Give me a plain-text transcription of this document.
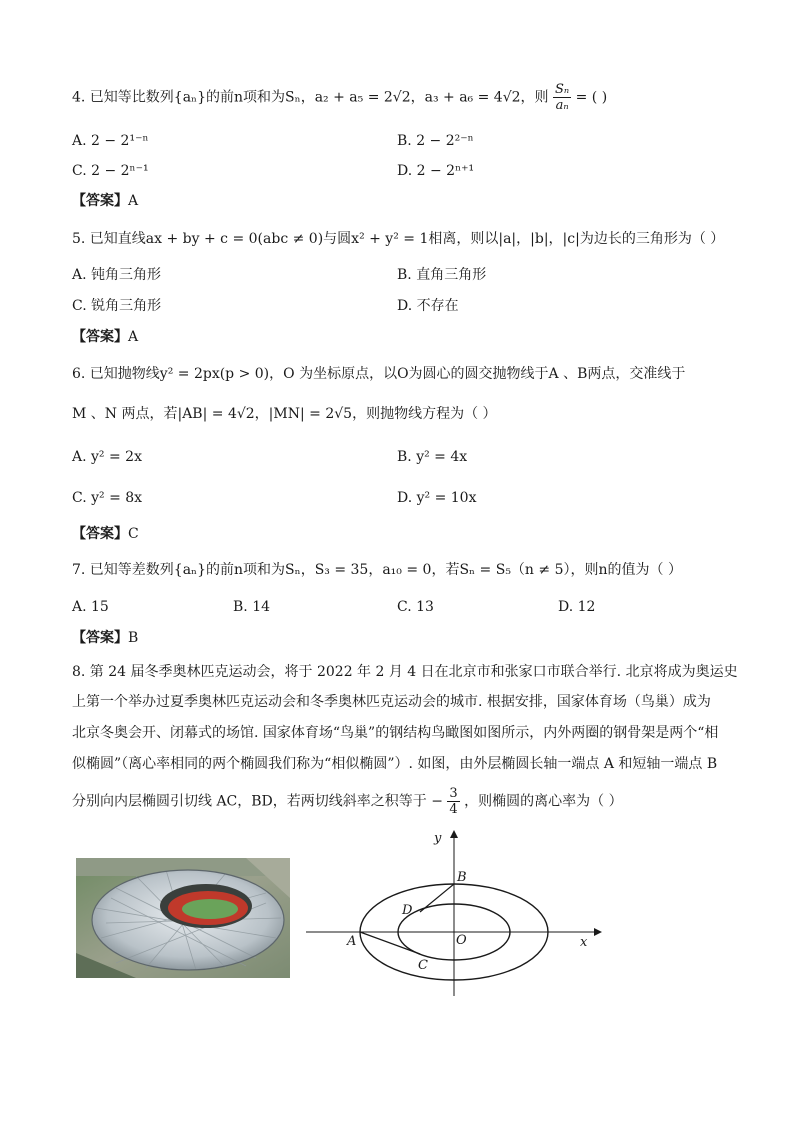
4. 已知等比数列{aₙ}的前n项和为Sₙ，a₂ + a₅ = 2√2，a₃ + a₆ = 4√2，则 $\frac{\text{Sₙ}}{\text{aₙ}}$ = ( )
A. 2 − 2¹⁻ⁿ	B. 2 − 2²⁻ⁿ
C. 2 − 2ⁿ⁻¹	D. 2 − 2ⁿ⁺¹
【答案】A
5. 已知直线ax + by + c = 0(abc ≠ 0)与圆x² + y² = 1相离，则以|a|，|b|，|c|为边长的三角形为（ ）
A. 钝角三角形	B. 直角三角形
C. 锐角三角形	D. 不存在
【答案】A
6. 已知抛物线y² = 2px(p > 0)，O 为坐标原点，以O为圆心的圆交抛物线于A 、B两点，交准线于
M 、N 两点，若|AB| = 4√2，|MN| = 2√5，则抛物线方程为（ ）
A. y² = 2x	B. y² = 4x
C. y² = 8x	D. y² = 10x
【答案】C
7. 已知等差数列{aₙ}的前n项和为Sₙ，S₃ = 35，a₁₀ = 0，若Sₙ = S₅（n ≠ 5），则n的值为（ ）
A. 15	B. 14	C. 13	D. 12
【答案】B
8. 第 24 届冬季奥林匹克运动会，将于 2022 年 2 月 4 日在北京市和张家口市联合举行. 北京将成为奥运史
上第一个举办过夏季奥林匹克运动会和冬季奥林匹克运动会的城市. 根据安排，国家体育场（鸟巢）成为
北京冬奥会开、闭幕式的场馆. 国家体育场“鸟巢”的钢结构鸟瞰图如图所示，内外两圈的钢骨架是两个“相
似椭圆”（离心率相同的两个椭圆我们称为“相似椭圆”）. 如图，由外层椭圆长轴一端点 A 和短轴一端点 B
分别向内层椭圆引切线 AC，BD，若两切线斜率之积等于 − $\frac{3}{4}$ ，则椭圆的离心率为（ ）
y
x
B
D
A	O
C
